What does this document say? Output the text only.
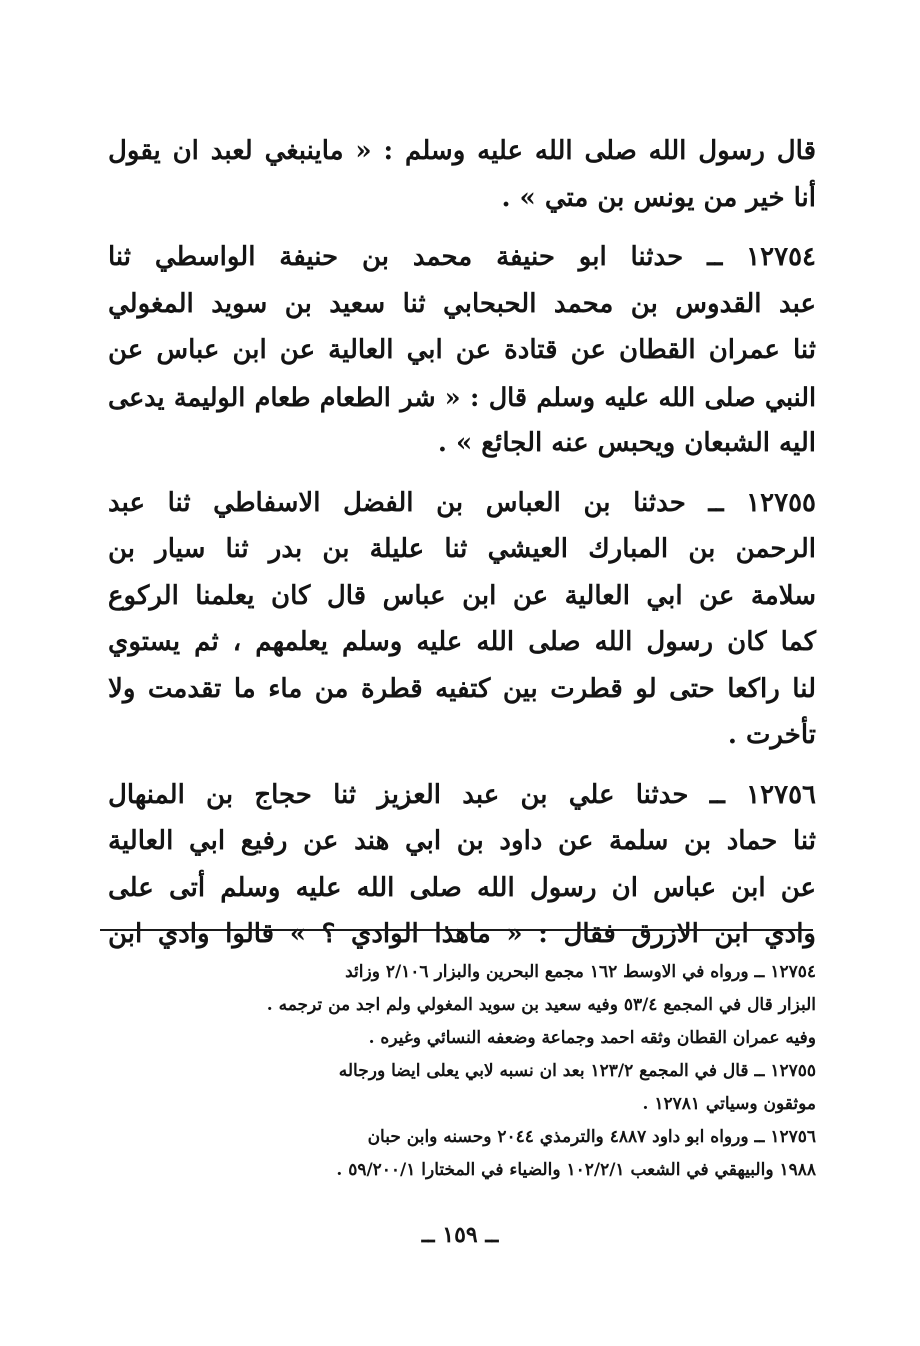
قال رسول الله صلى الله عليه وسلم : « ماينبغي لعبد ان يقول
أنا خير من يونس بن متي » .
١٢٧٥٤ ــ حدثنا ابو حنيفة محمد بن حنيفة الواسطي ثنا
عبد القدوس بن محمد الحبحابي ثنا سعيد بن سويد المغولي
ثنا عمران القطان عن قتادة عن ابي العالية عن ابن عباس عن
النبي صلى الله عليه وسلم قال : « شر الطعام طعام الوليمة يدعى
اليه الشبعان ويحبس عنه الجائع » .
١٢٧٥٥ ــ حدثنا بن العباس بن الفضل الاسفاطي ثنا عبد
الرحمن بن المبارك العيشي ثنا عليلة بن بدر ثنا سيار بن
سلامة عن ابي العالية عن ابن عباس قال كان يعلمنا الركوع
كما كان رسول الله صلى الله عليه وسلم يعلمهم ، ثم يستوي
لنا راكعا حتى لو قطرت بين كتفيه قطرة من ماء ما تقدمت ولا
تأخرت .
١٢٧٥٦ ــ حدثنا علي بن عبد العزيز ثنا حجاج بن المنهال
ثنا حماد بن سلمة عن داود بن ابي هند عن رفيع ابي العالية
عن ابن عباس ان رسول الله صلى الله عليه وسلم أتى على
وادي ابن الازرق فقال : « ماهذا الوادي ؟ » قالوا وادي ابن
١٢٧٥٤ ــ ورواه في الاوسط ١٦٢ مجمع البحرين والبزار ٢/١٠٦ وزائد
البزار قال في المجمع ٥٣/٤ وفيه سعيد بن سويد المغولي ولم اجد من ترجمه .
وفيه عمران القطان وثقه احمد وجماعة وضعفه النسائي وغيره .
١٢٧٥٥ ــ قال في المجمع ١٢٣/٢ بعد ان نسبه لابي يعلى ايضا ورجاله
موثقون وسياتي ١٢٧٨١ .
١٢٧٥٦ ــ ورواه ابو داود ٤٨٨٧ والترمذي ٢٠٤٤ وحسنه وابن حبان
١٩٨٨ والبيهقي في الشعب ١٠٢/٢/١ والضياء في المختارا ٥٩/٢٠٠/١ .
ــ ١٥٩ ــ
